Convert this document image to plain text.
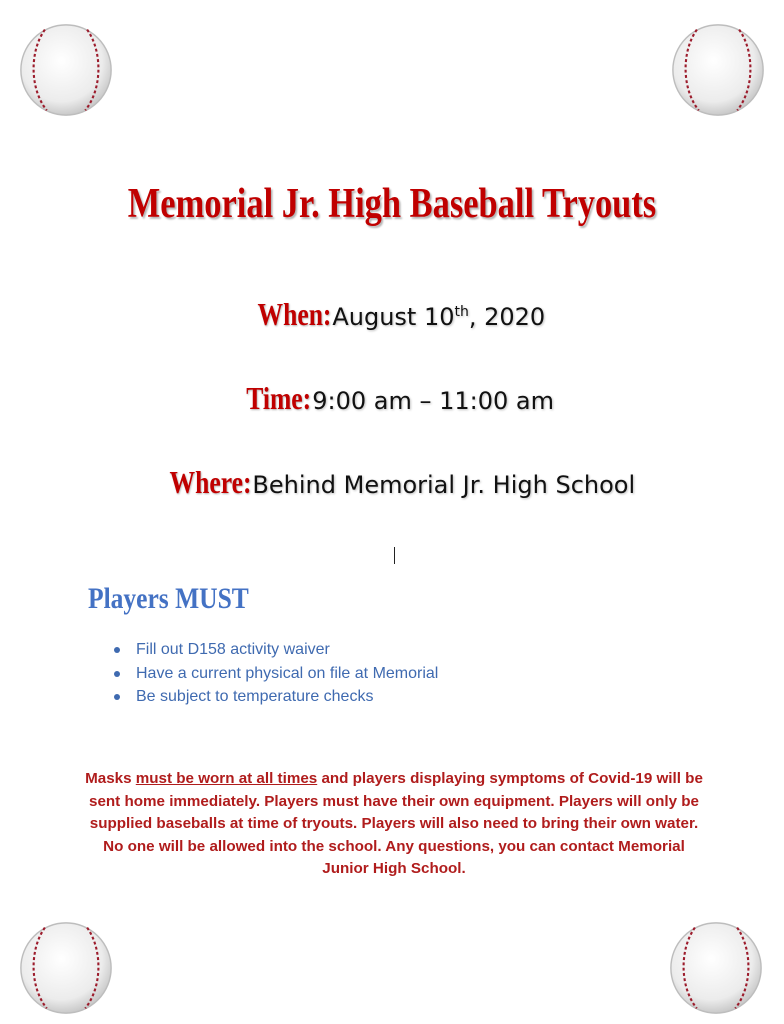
Memorial Jr. High Baseball Tryouts
When: August 10th, 2020
Time: 9:00 am – 11:00 am
Where: Behind Memorial Jr. High School
Players MUST
Fill out D158 activity waiver
Have a current physical on file at Memorial
Be subject to temperature checks
Masks must be worn at all times and players displaying symptoms of Covid-19 will be sent home immediately. Players must have their own equipment. Players will only be supplied baseballs at time of tryouts. Players will also need to bring their own water. No one will be allowed into the school. Any questions, you can contact Memorial Junior High School.
